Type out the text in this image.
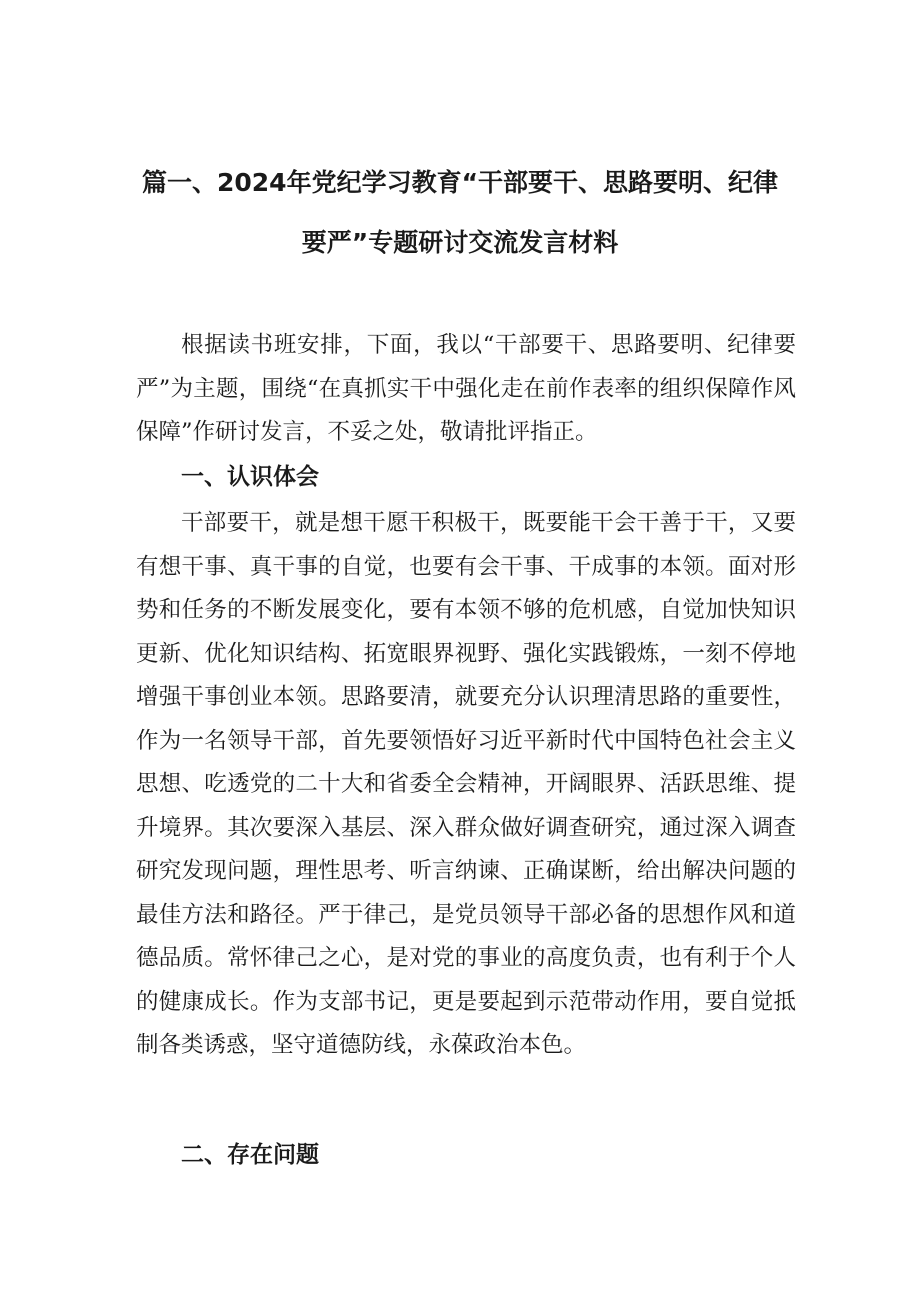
篇一、2024年党纪学习教育“干部要干、思路要明、纪律
要严”专题研讨交流发言材料

根据读书班安排，下面，我以“干部要干、思路要明、纪律要严”为主题，围绕“在真抓实干中强化走在前作表率的组织保障作风保障”作研讨发言，不妥之处，敬请批评指正。

一、认识体会

干部要干，就是想干愿干积极干，既要能干会干善于干，又要有想干事、真干事的自觉，也要有会干事、干成事的本领。面对形势和任务的不断发展变化，要有本领不够的危机感，自觉加快知识更新、优化知识结构、拓宽眼界视野、强化实践锻炼，一刻不停地增强干事创业本领。思路要清，就要充分认识理清思路的重要性，作为一名领导干部，首先要领悟好习近平新时代中国特色社会主义思想、吃透党的二十大和省委全会精神，开阔眼界、活跃思维、提升境界。其次要深入基层、深入群众做好调查研究，通过深入调查研究发现问题，理性思考、听言纳谏、正确谋断，给出解决问题的最佳方法和路径。严于律己，是党员领导干部必备的思想作风和道德品质。常怀律己之心，是对党的事业的高度负责，也有利于个人的健康成长。作为支部书记，更是要起到示范带动作用，要自觉抵制各类诱惑，坚守道德防线，永葆政治本色。

二、存在问题
